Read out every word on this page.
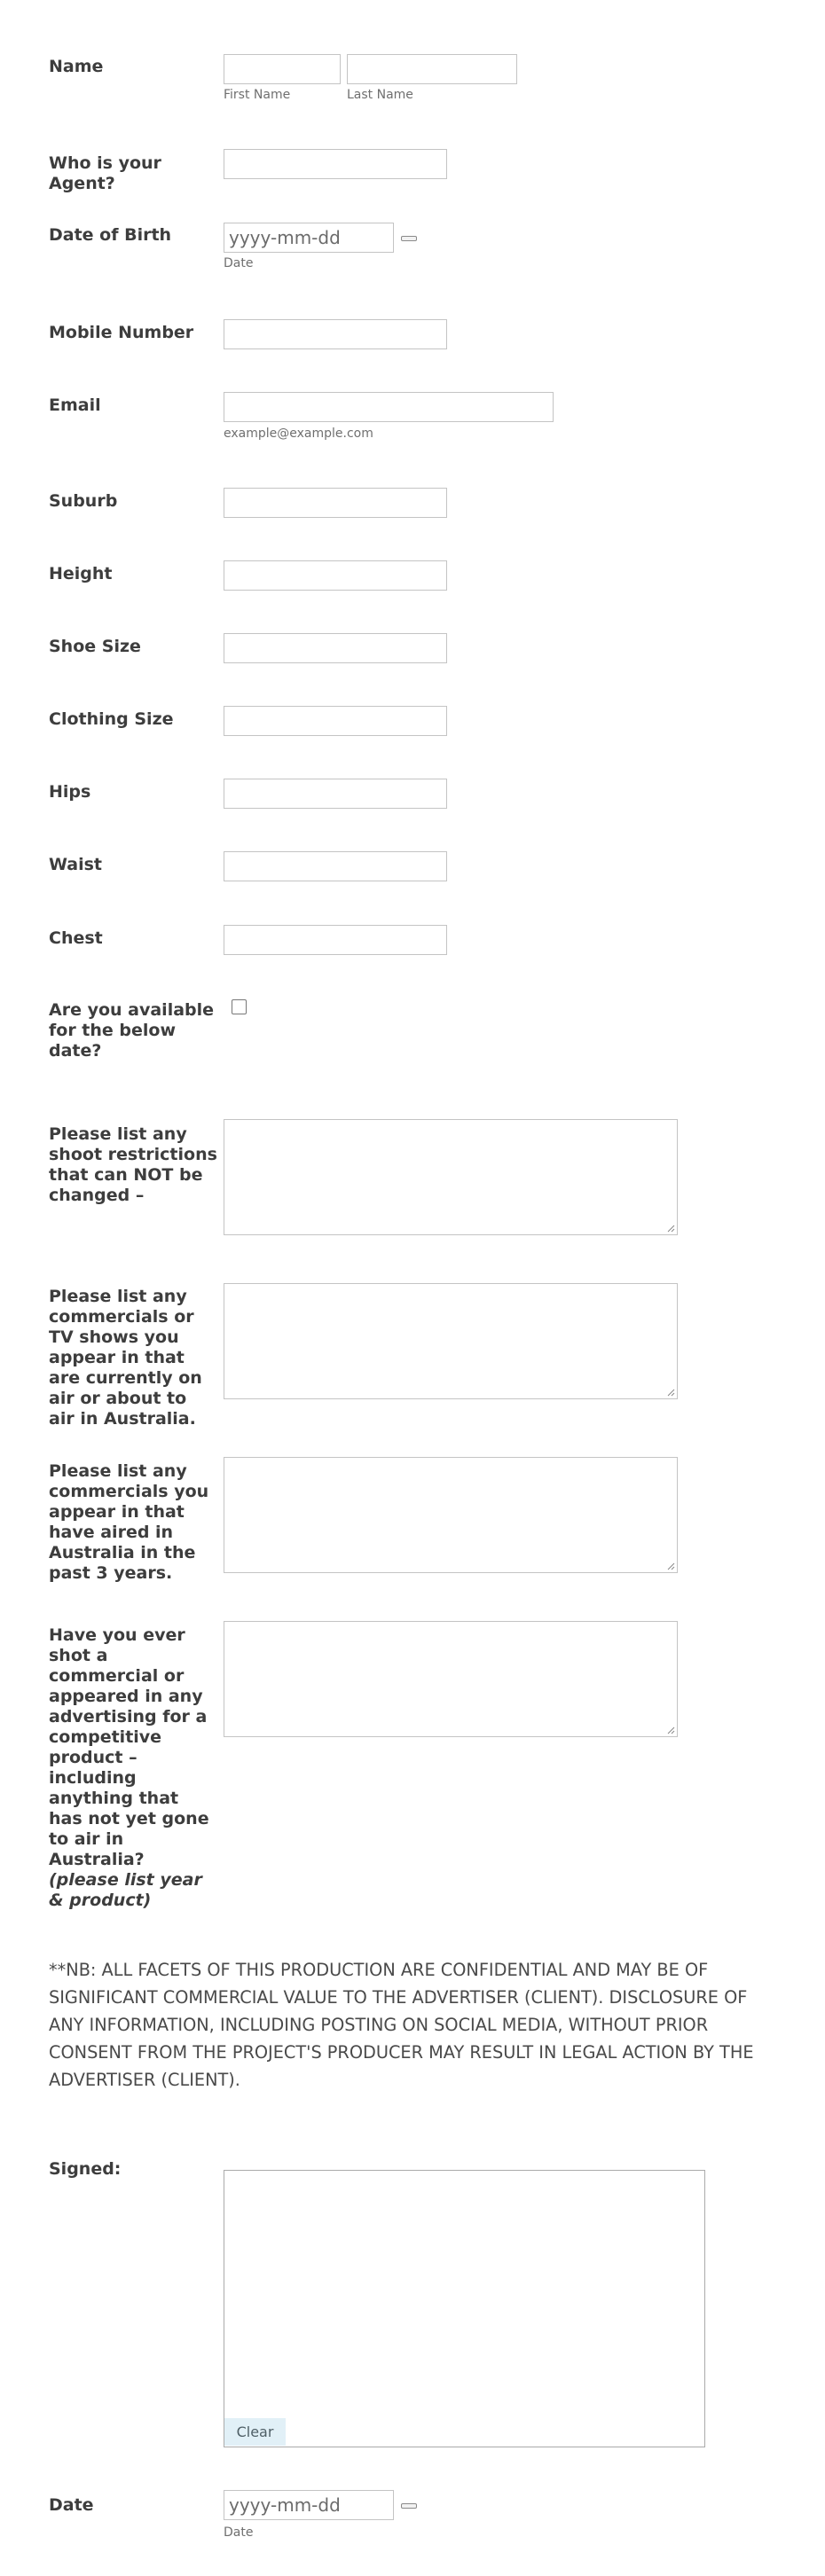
Name
First Name	Last Name
Who is your Agent?
Date of Birth
yyyy-mm-dd
Date
Mobile Number
Email
example@example.com
Suburb
Height
Shoe Size
Clothing Size
Hips
Waist
Chest
Are you available for the below date?
Please list any shoot restrictions that can NOT be changed –
Please list any commercials or TV shows you appear in that are currently on air or about to air in Australia.
Please list any commercials you appear in that have aired in Australia in the past 3 years.
Have you ever shot a commercial or appeared in any advertising for a competitive product – including anything that has not yet gone to air in Australia? (please list year & product)
**NB: ALL FACETS OF THIS PRODUCTION ARE CONFIDENTIAL AND MAY BE OF SIGNIFICANT COMMERCIAL VALUE TO THE ADVERTISER (CLIENT). DISCLOSURE OF ANY INFORMATION, INCLUDING POSTING ON SOCIAL MEDIA, WITHOUT PRIOR CONSENT FROM THE PROJECT'S PRODUCER MAY RESULT IN LEGAL ACTION BY THE ADVERTISER (CLIENT).
Signed:
Clear
Date
yyyy-mm-dd
Date
